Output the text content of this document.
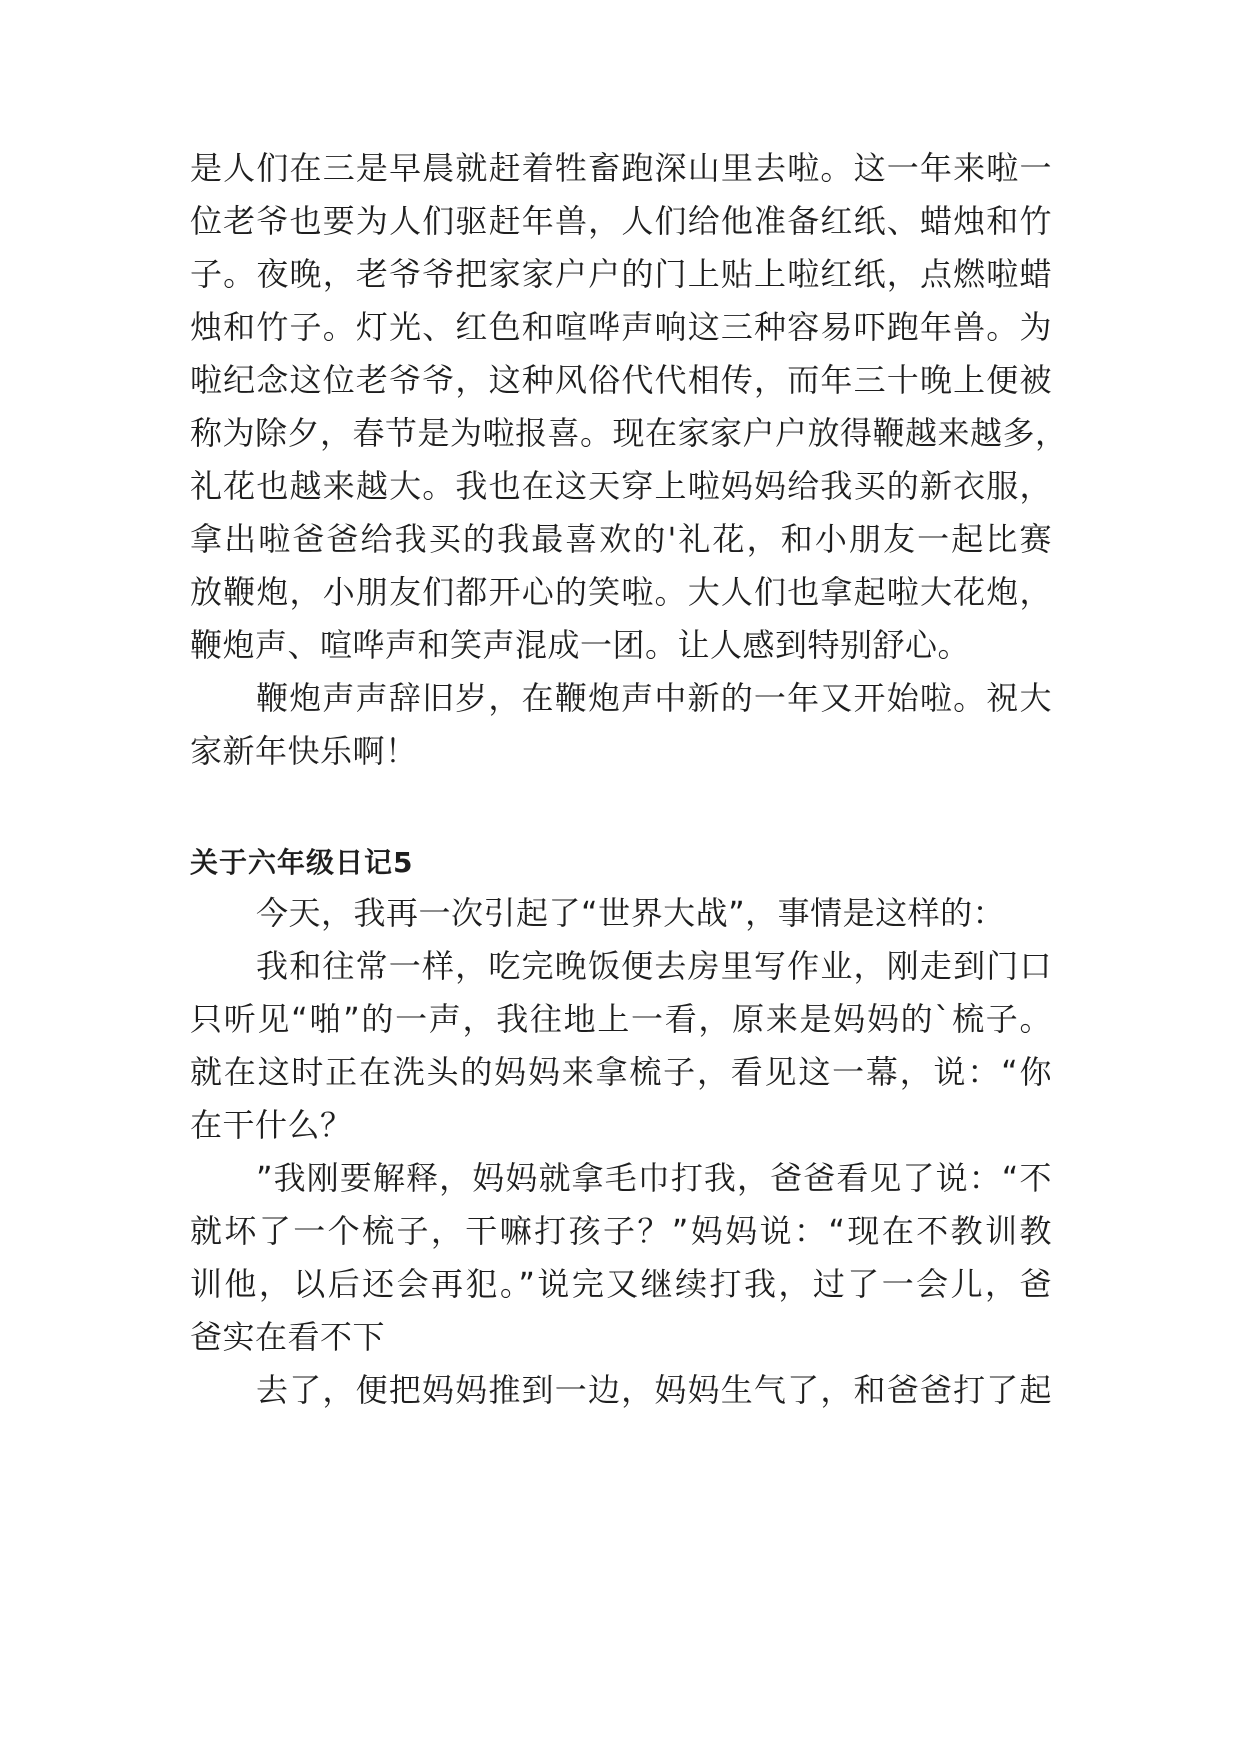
是人们在三是早晨就赶着牲畜跑深山里去啦。这一年来啦一

位老爷也要为人们驱赶年兽，人们给他准备红纸、蜡烛和竹

子。夜晚，老爷爷把家家户户的门上贴上啦红纸，点燃啦蜡

烛和竹子。灯光、红色和喧哗声响这三种容易吓跑年兽。为

啦纪念这位老爷爷，这种风俗代代相传，而年三十晚上便被

称为除夕，春节是为啦报喜。现在家家户户放得鞭越来越多，

礼花也越来越大。我也在这天穿上啦妈妈给我买的新衣服，

拿出啦爸爸给我买的我最喜欢的'礼花，和小朋友一起比赛

放鞭炮，小朋友们都开心的笑啦。大人们也拿起啦大花炮，

鞭炮声、喧哗声和笑声混成一团。让人感到特别舒心。

鞭炮声声辞旧岁，在鞭炮声中新的一年又开始啦。祝大

家新年快乐啊！

关于六年级日记5

今天，我再一次引起了“世界大战”，事情是这样的：

我和往常一样，吃完晚饭便去房里写作业，刚走到门口

只听见“啪”的一声，我往地上一看，原来是妈妈的`梳子。

就在这时正在洗头的妈妈来拿梳子，看见这一幕，说：“你

在干什么？

”我刚要解释，妈妈就拿毛巾打我，爸爸看见了说：“不

就坏了一个梳子，干嘛打孩子？”妈妈说：“现在不教训教

训他，以后还会再犯。”说完又继续打我，过了一会儿，爸

爸实在看不下

去了，便把妈妈推到一边，妈妈生气了，和爸爸打了起
